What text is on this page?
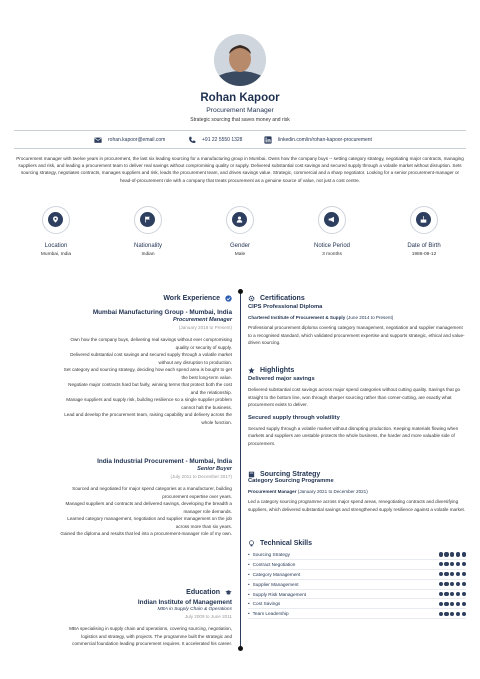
Rohan Kapoor
Procurement Manager
Strategic sourcing that saves money and risk
rohan.kapoor@email.com	+91 22 5550 1328	linkedin.com/in/rohan-kapoor-procurement
Procurement manager with twelve years in procurement, the last six leading sourcing for a manufacturing group in Mumbai. Owns how the company buys -- setting category strategy, negotiating major contracts, managing suppliers and risk, and leading a procurement team to deliver real savings without compromising quality or supply. Delivered substantial cost savings and secured supply through a volatile market without disruption. Sets sourcing strategy, negotiates contracts, manages suppliers and risk, leads the procurement team, and drives savings value. Strategic, commercial and a sharp negotiator. Looking for a senior procurement-manager or head-of-procurement role with a company that treats procurement as a genuine source of value, not just a cost centre.
Location
Mumbai, India
Nationality
Indian
Gender
Male
Notice Period
3 months
Date of Birth
1986-09-12
Work Experience
Mumbai Manufacturing Group - Mumbai, India
Procurement Manager
(January 2018 to Present)
Own how the company buys, delivering real savings without ever compromising
quality or security of supply.
Delivered substantial cost savings and secured supply through a volatile market
without any disruption to production.
Set category and sourcing strategy, deciding how each spend area is bought to get
the best long-term value.
Negotiate major contracts hard but fairly, winning terms that protect both the cost
and the relationship.
Manage suppliers and supply risk, building resilience so a single supplier problem
cannot halt the business.
Lead and develop the procurement team, raising capability and delivery across the
whole function.
India Industrial Procurement - Mumbai, India
Senior Buyer
(July 2011 to December 2017)
Sourced and negotiated for major spend categories at a manufacturer, building
procurement expertise over years.
Managed suppliers and contracts and delivered savings, developing the breadth a
manager role demands.
Learned category management, negotiation and supplier management on the job
across more than six years.
Gained the diploma and results that led into a procurement-manager role of my own.
Education
Indian Institute of Management
MBA in Supply Chain & Operations
July 2009 to June 2011
MBA specialising in supply chain and operations, covering sourcing, negotiation,
logistics and strategy, with projects. The programme built the strategic and
commercial foundation leading procurement requires. It accelerated his career.
Certifications
CIPS Professional Diploma
Chartered Institute of Procurement & Supply (June 2014 to Present)
Professional procurement diploma covering category management, negotiation and supplier management to a recognised standard, which validated procurement expertise and supports strategic, ethical and value-driven sourcing.
Highlights
Delivered major savings
Delivered substantial cost savings across major spend categories without cutting quality. Savings that go straight to the bottom line, won through sharper sourcing rather than corner-cutting, are exactly what procurement exists to deliver.
Secured supply through volatility
Secured supply through a volatile market without disrupting production. Keeping materials flowing when markets and suppliers are unstable protects the whole business, the harder and more valuable side of procurement.
Sourcing Strategy
Category Sourcing Programme
Procurement Manager (January 2021 to December 2021)
Led a category sourcing programme across major spend areas, renegotiating contracts and diversifying suppliers, which delivered substantial savings and strengthened supply resilience against a volatile market.
Technical Skills
• Sourcing Strategy
• Contract Negotiation
• Category Management
• Supplier Management
• Supply Risk Management
• Cost Savings
• Team Leadership
